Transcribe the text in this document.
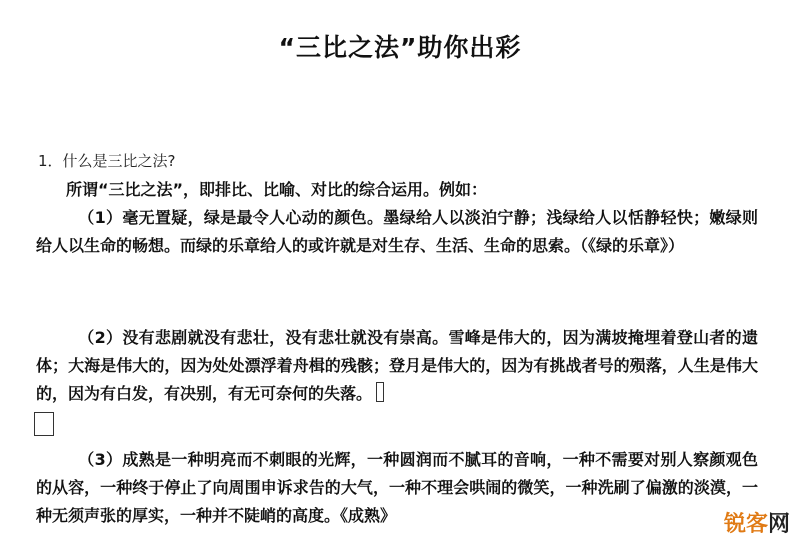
“三比之法”助你出彩
1．什么是三比之法?
所谓“三比之法”，即排比、比喻、对比的综合运用。例如：
（1）毫无置疑，绿是最令人心动的颜色。墨绿给人以淡泊宁静；浅绿给人以恬静轻快；嫩绿则给人以生命的畅想。而绿的乐章给人的或许就是对生存、生活、生命的思索。（《绿的乐章》）
（2）没有悲剧就没有悲壮，没有悲壮就没有崇高。雪峰是伟大的，因为满坡掩埋着登山者的遗体；大海是伟大的，因为处处漂浮着舟楫的残骸；登月是伟大的，因为有挑战者号的殒落，人生是伟大的，因为有白发，有决别，有无可奈何的失落。
（3）成熟是一种明亮而不刺眼的光辉，一种圆润而不腻耳的音响，一种不需要对别人察颜观色的从容，一种终于停止了向周围申诉求告的大气，一种不理会哄闹的微笑，一种洗刷了偏激的淡漠，一种无须声张的厚实，一种并不陡峭的高度。《成熟》	锐客网
